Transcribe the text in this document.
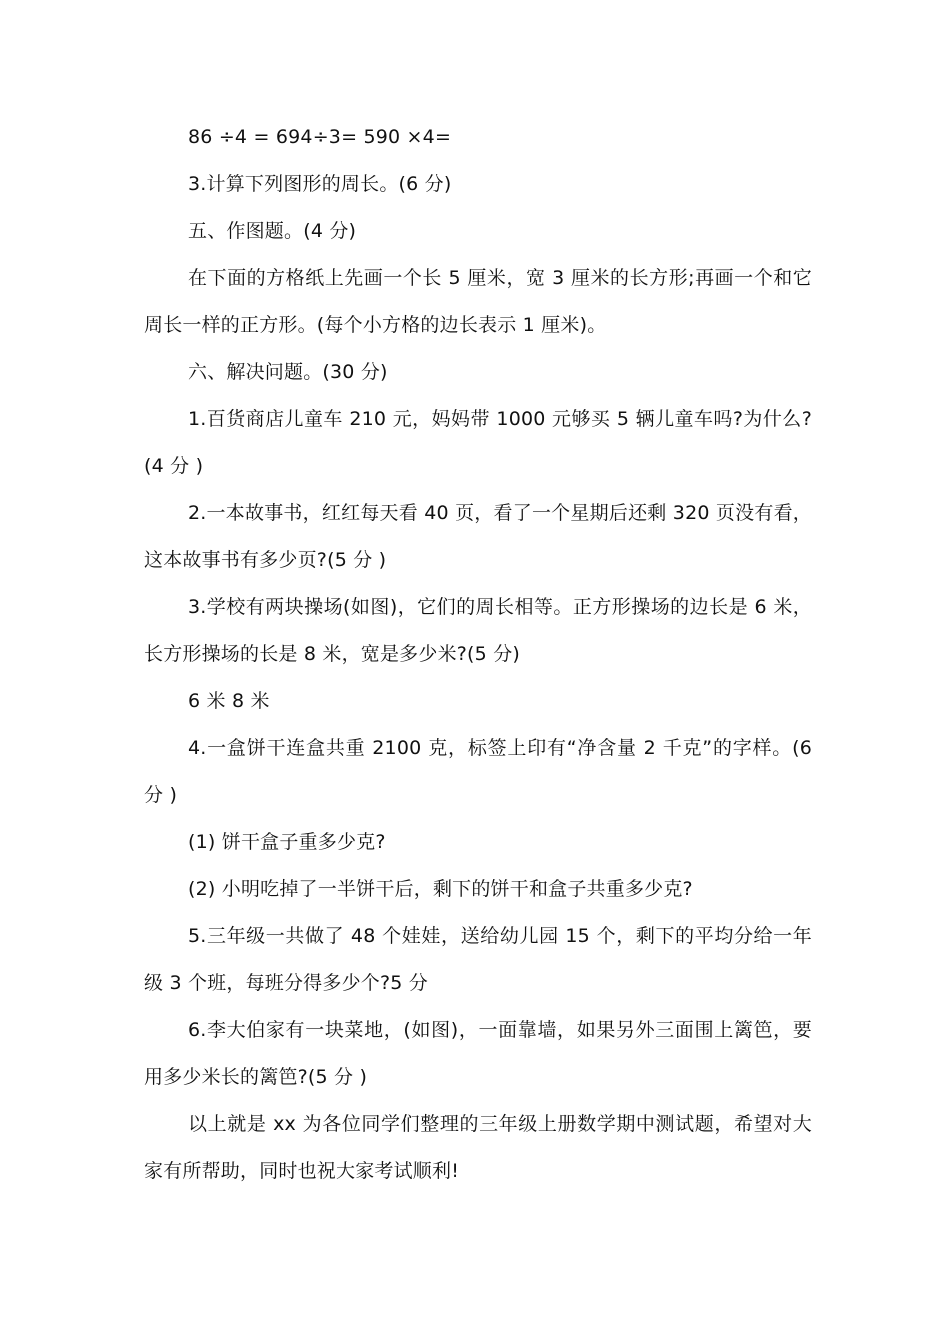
86 ÷4 = 694÷3= 590 ×4=

3.计算下列图形的周长。(6 分)

五、作图题。(4 分)

在下面的方格纸上先画一个长 5 厘米，宽 3 厘米的长方形;再画一个和它周长一样的正方形。(每个小方格的边长表示 1 厘米)。

六、解决问题。(30 分)

1.百货商店儿童车 210 元，妈妈带 1000 元够买 5 辆儿童车吗?为什么?(4 分 )

2.一本故事书，红红每天看 40 页，看了一个星期后还剩 320 页没有看，这本故事书有多少页?(5 分 )

3.学校有两块操场(如图)，它们的周长相等。正方形操场的边长是 6 米，长方形操场的长是 8 米，宽是多少米?(5 分)

6 米 8 米

4.一盒饼干连盒共重 2100 克，标签上印有“净含量 2 千克”的字样。(6 分 )

(1) 饼干盒子重多少克?

(2) 小明吃掉了一半饼干后，剩下的饼干和盒子共重多少克?

5.三年级一共做了 48 个娃娃，送给幼儿园 15 个，剩下的平均分给一年级 3 个班，每班分得多少个?5 分

6.李大伯家有一块菜地，(如图)，一面靠墙，如果另外三面围上篱笆，要用多少米长的篱笆?(5 分 )

以上就是 xx 为各位同学们整理的三年级上册数学期中测试题，希望对大家有所帮助，同时也祝大家考试顺利!
